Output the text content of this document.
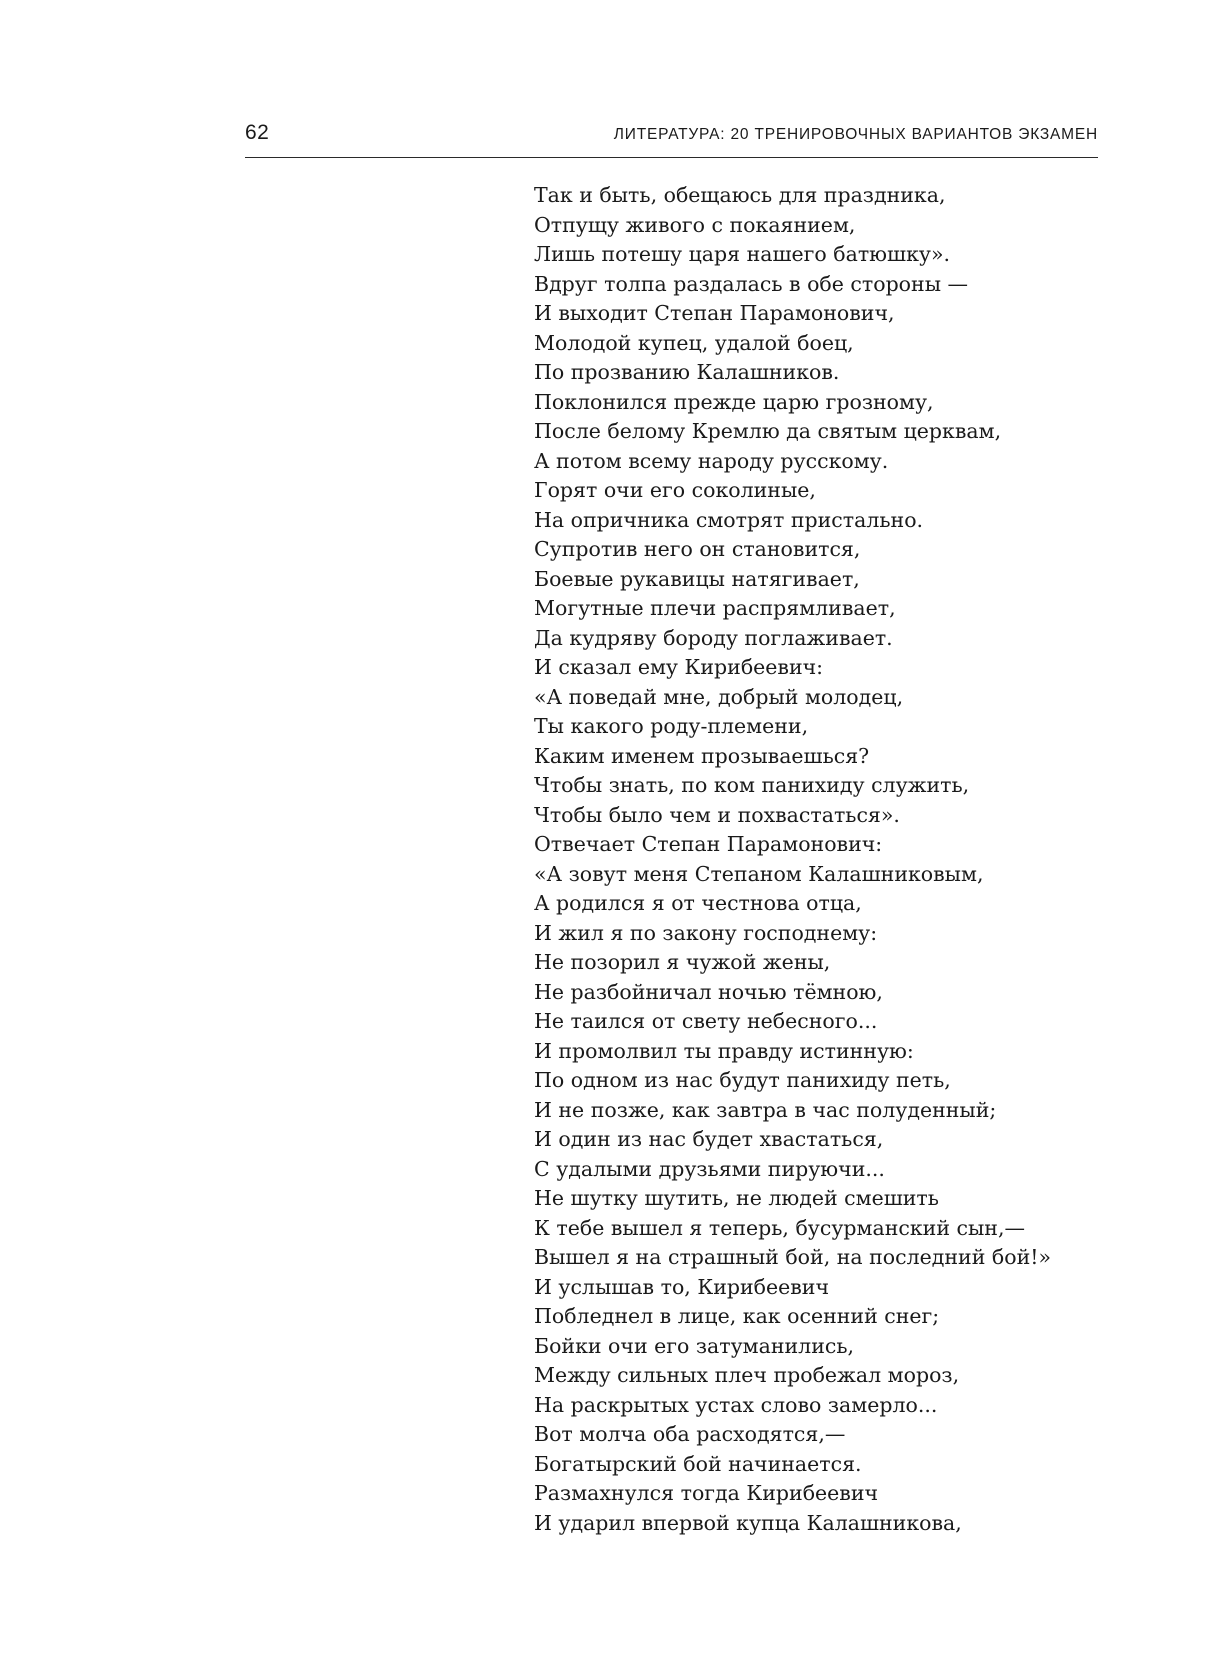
62	ЛИТЕРАТУРА: 20 ТРЕНИРОВОЧНЫХ ВАРИАНТОВ ЭКЗАМЕН
Так и быть, обещаюсь для праздника,
Отпущу живого с покаянием,
Лишь потешу царя нашего батюшку».
Вдруг толпа раздалась в обе стороны —
И выходит Степан Парамонович,
Молодой купец, удалой боец,
По прозванию Калашников.
Поклонился прежде царю грозному,
После белому Кремлю да святым церквам,
А потом всему народу русскому.
Горят очи его соколиные,
На опричника смотрят пристально.
Супротив него он становится,
Боевые рукавицы натягивает,
Могутные плечи распрямливает,
Да кудряву бороду поглаживает.
И сказал ему Кирибеевич:
«А поведай мне, добрый молодец,
Ты какого роду-племени,
Каким именем прозываешься?
Чтобы знать, по ком панихиду служить,
Чтобы было чем и похвастаться».
Отвечает Степан Парамонович:
«А зовут меня Степаном Калашниковым,
А родился я от честнова отца,
И жил я по закону господнему:
Не позорил я чужой жены,
Не разбойничал ночью тёмною,
Не таился от свету небесного...
И промолвил ты правду истинную:
По одном из нас будут панихиду петь,
И не позже, как завтра в час полуденный;
И один из нас будет хвастаться,
С удалыми друзьями пируючи...
Не шутку шутить, не людей смешить
К тебе вышел я теперь, бусурманский сын,—
Вышел я на страшный бой, на последний бой!»
И услышав то, Кирибеевич
Побледнел в лице, как осенний снег;
Бойки очи его затуманились,
Между сильных плеч пробежал мороз,
На раскрытых устах слово замерло...
Вот молча оба расходятся,—
Богатырский бой начинается.
Размахнулся тогда Кирибеевич
И ударил впервой купца Калашникова,
